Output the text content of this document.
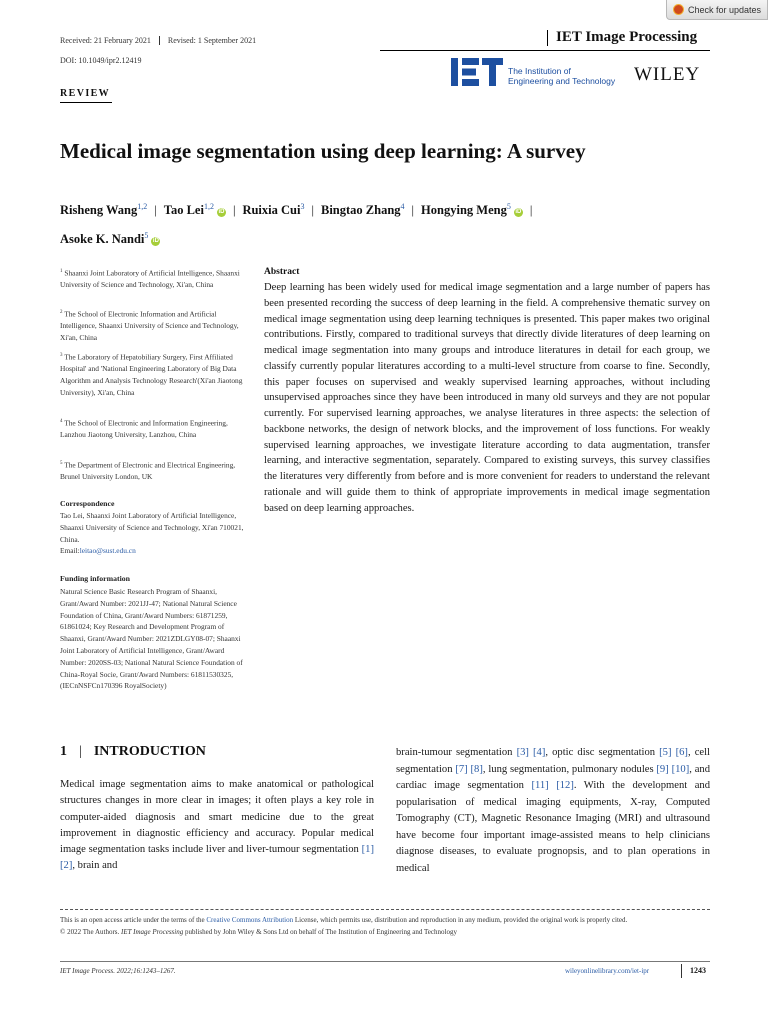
Check for updates
Received: 21 February 2021 Revised: 1 September 2021
DOI: 10.1049/ipr2.12419
IET Image Processing
The Institution of
Engineering and Technology WILEY
REVIEW
Medical image segmentation using deep learning: A survey
Risheng Wang$^{1,2}$ | Tao Lei$^{1,2}$iD | Ruixia Cui$^3$ | Bingtao Zhang$^4$ | Hongying Meng$^5$iD |
Asoke K. Nandi$^5$iD
$^1$ Shaanxi Joint Laboratory of Artificial Intelligence, Shaanxi University of Science and Technology, Xi'an, China
$^2$ The School of Electronic Information and Artificial Intelligence, Shaanxi University of Science and Technology, Xi'an, China
$^3$ The Laboratory of Hepatobiliary Surgery, First Affiliated Hospital' and 'National Engineering Laboratory of Big Data Algorithm and Analysis Technology Research'(Xi'an Jiaotong University), Xi'an, China
$^4$ The School of Electronic and Information Engineering, Lanzhou Jiaotong University, Lanzhou, China
$^5$ The Department of Electronic and Electrical Engineering, Brunel University London, UK
Correspondence
Tao Lei, Shaanxi Joint Laboratory of Artificial Intelligence, Shaanxi University of Science and Technology, Xi'an 710021, China.
Email:leitao@sust.edu.cn
Funding information
Natural Science Basic Research Program of Shaanxi, Grant/Award Number: 2021JJ-47; National Natural Science Foundation of China, Grant/Award Numbers: 61871259, 61861024; Key Research and Development Program of Shaanxi, Grant/Award Number: 2021ZDLGY08-07; Shaanxi Joint Laboratory of Artificial Intelligence, Grant/Award Number: 2020SS-03; National Natural Science Foundation of China-Royal Socie, Grant/Award Numbers: 61811530325, (IECnNSFCn170396 RoyalSociety)
Abstract
Deep learning has been widely used for medical image segmentation and a large number of papers has been presented recording the success of deep learning in the field. A comprehensive thematic survey on medical image segmentation using deep learning techniques is presented. This paper makes two original contributions. Firstly, compared to traditional surveys that directly divide literatures of deep learning on medical image segmentation into many groups and introduce literatures in detail for each group, we classify currently popular literatures according to a multi-level structure from coarse to fine. Secondly, this paper focuses on supervised and weakly supervised learning approaches, without including unsupervised approaches since they have been introduced in many old surveys and they are not popular currently. For supervised learning approaches, we analyse literatures in three aspects: the selection of backbone networks, the design of network blocks, and the improvement of loss functions. For weakly supervised learning approaches, we investigate literature according to data augmentation, transfer learning, and interactive segmentation, separately. Compared to existing surveys, this survey classifies the literatures very differently from before and is more convenient for readers to understand the relevant rationale and will guide them to think of appropriate improvements in medical image segmentation based on deep learning approaches.
1 | INTRODUCTION
Medical image segmentation aims to make anatomical or pathological structures changes in more clear in images; it often plays a key role in computer-aided diagnosis and smart medicine due to the great improvement in diagnostic efficiency and accuracy. Popular medical image segmentation tasks include liver and liver-tumour segmentation [1] [2], brain and
brain-tumour segmentation [3] [4], optic disc segmentation [5] [6], cell segmentation [7] [8], lung segmentation, pulmonary nodules [9] [10], and cardiac image segmentation [11] [12]. With the development and popularisation of medical imaging equipments, X-ray, Computed Tomography (CT), Magnetic Resonance Imaging (MRI) and ultrasound have become four important image-assisted means to help clinicians diagnose diseases, to evaluate prognopsis, and to plan operations in medical
This is an open access article under the terms of the Creative Commons Attribution License, which permits use, distribution and reproduction in any medium, provided the original work is properly cited.
© 2022 The Authors. IET Image Processing published by John Wiley & Sons Ltd on behalf of The Institution of Engineering and Technology
IET Image Process. 2022;16:1243–1267.	wileyonlinelibrary.com/iet-ipr	1243
